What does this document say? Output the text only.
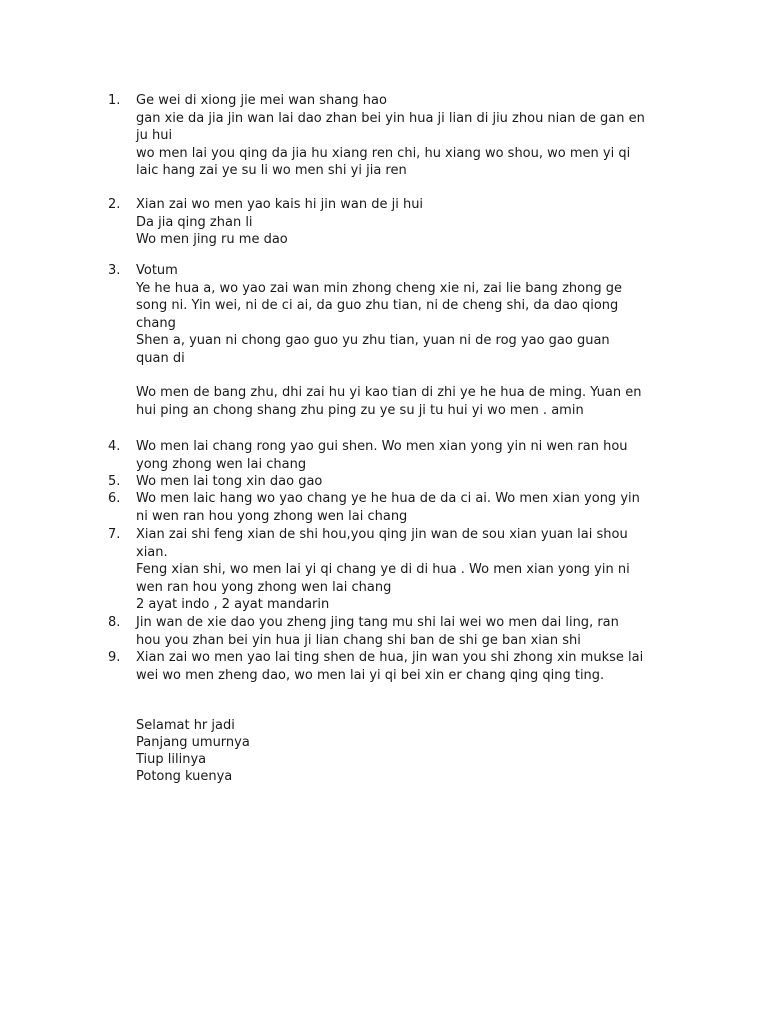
1.	Ge wei di xiong jie mei wan shang hao
gan xie da jia jin wan lai dao zhan bei yin hua ji lian di jiu zhou nian de gan en
ju hui
wo men lai you qing da jia hu xiang ren chi, hu xiang wo shou, wo men yi qi
laic hang zai ye su li wo men shi yi jia ren
2.	Xian zai wo men yao kais hi jin wan de ji hui
Da jia qing zhan li
Wo men jing ru me dao
3.	Votum
Ye he hua a, wo yao zai wan min zhong cheng xie ni, zai lie bang zhong ge
song ni. Yin wei, ni de ci ai, da guo zhu tian, ni de cheng shi, da dao qiong
chang
Shen a, yuan ni chong gao guo yu zhu tian, yuan ni de rog yao gao guan
quan di
Wo men de bang zhu, dhi zai hu yi kao tian di zhi ye he hua de ming. Yuan en
hui ping an chong shang zhu ping zu ye su ji tu hui yi wo men . amin
4.	Wo men lai chang rong yao gui shen. Wo men xian yong yin ni wen ran hou
yong zhong wen lai chang
5.	Wo men lai tong xin dao gao
6.	Wo men laic hang wo yao chang ye he hua de da ci ai. Wo men xian yong yin
ni wen ran hou yong zhong wen lai chang
7.	Xian zai shi feng xian de shi hou,you qing jin wan de sou xian yuan lai shou
xian.
Feng xian shi, wo men lai yi qi chang ye di di hua . Wo men xian yong yin ni
wen ran hou yong zhong wen lai chang
2 ayat indo , 2 ayat mandarin
8.	Jin wan de xie dao you zheng jing tang mu shi lai wei wo men dai ling, ran
hou you zhan bei yin hua ji lian chang shi ban de shi ge ban xian shi
9.	Xian zai wo men yao lai ting shen de hua, jin wan you shi zhong xin mukse lai
wei wo men zheng dao, wo men lai yi qi bei xin er chang qing qing ting.
Selamat hr jadi
Panjang umurnya
Tiup lilinya
Potong kuenya
